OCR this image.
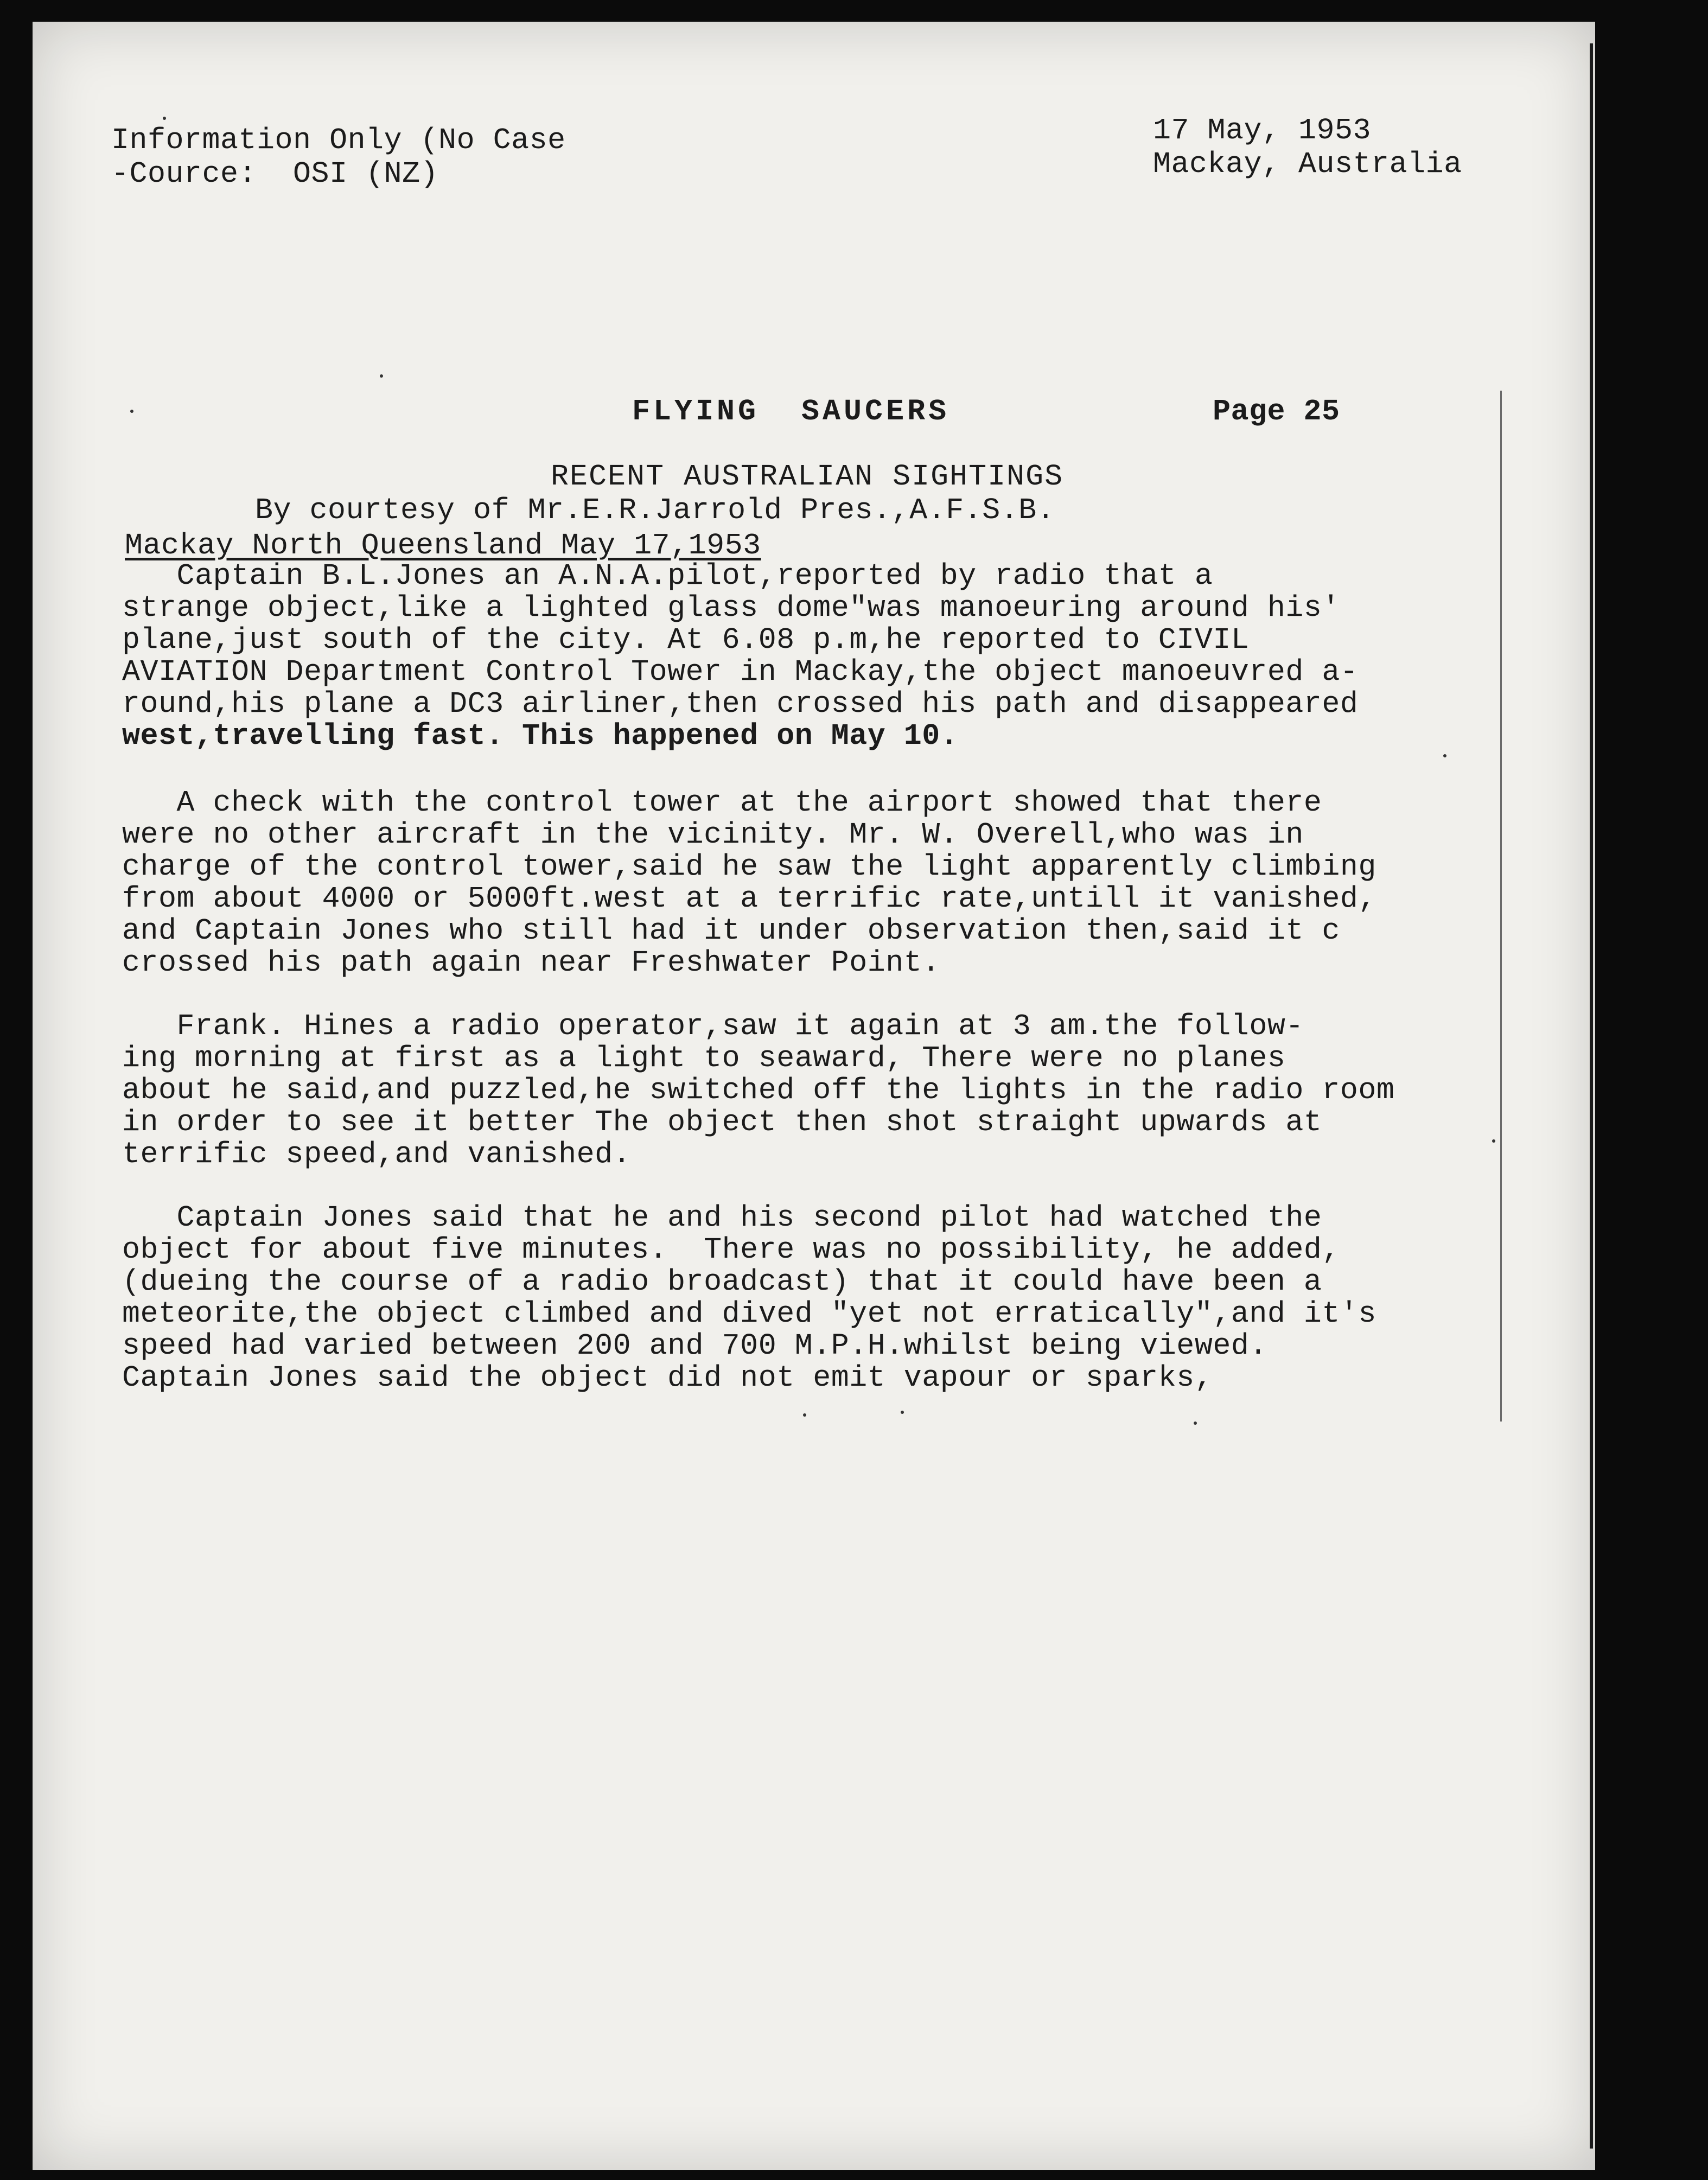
Information Only (No Case
-Cource:  OSI (NZ)
17 May, 1953
Mackay, Australia
FLYING  SAUCERS	Page 25
RECENT AUSTRALIAN SIGHTINGS
By courtesy of Mr.E.R.Jarrold Pres.,A.F.S.B.
Mackay North Queensland May 17,1953
Captain B.L.Jones an A.N.A.pilot,reported by radio that a
strange object,like a lighted glass dome"was manoeuring around his'
plane,just south of the city. At 6.08 p.m,he reported to CIVIL
AVIATION Department Control Tower in Mackay,the object manoeuvred a-
round,his plane a DC3 airliner,then crossed his path and disappeared
west,travelling fast. This happened on May 10.
A check with the control tower at the airport showed that there
were no other aircraft in the vicinity. Mr. W. Overell,who was in
charge of the control tower,said he saw the light apparently climbing
from about 4000 or 5000ft.west at a terrific rate,untill it vanished,
and Captain Jones who still had it under observation then,said it c
crossed his path again near Freshwater Point.
Frank. Hines a radio operator,saw it again at 3 am.the follow-
ing morning at first as a light to seaward, There were no planes
about he said,and puzzled,he switched off the lights in the radio room
in order to see it better The object then shot straight upwards at
terrific speed,and vanished.
Captain Jones said that he and his second pilot had watched the
object for about five minutes.  There was no possibility, he added,
(dueing the course of a radio broadcast) that it could have been a
meteorite,the object climbed and dived "yet not erratically",and it's
speed had varied between 200 and 700 M.P.H.whilst being viewed.
Captain Jones said the object did not emit vapour or sparks,
